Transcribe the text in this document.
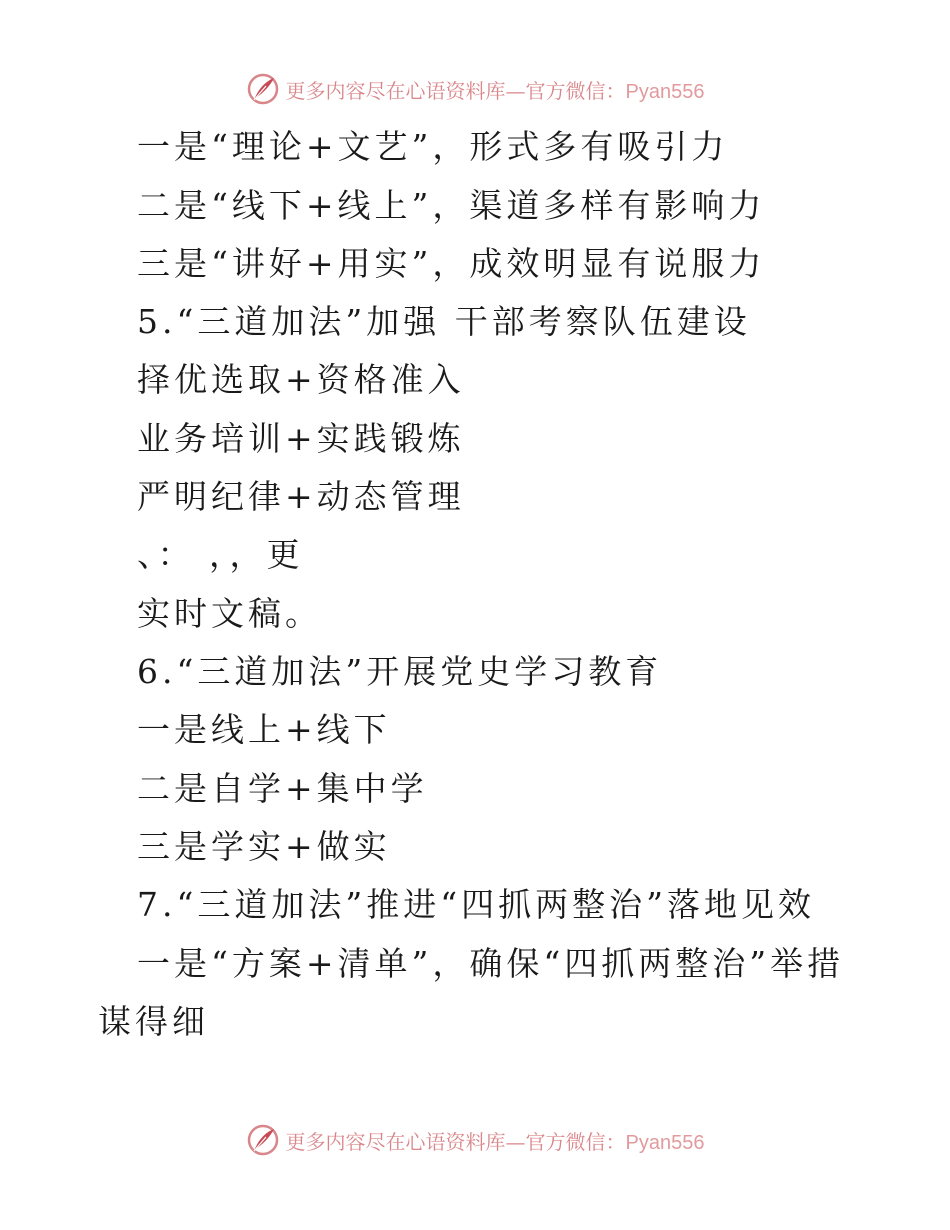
更多内容尽在心语资料库—官方微信：Pyan556
一是“理论+文艺”，形式多有吸引力
二是“线下+线上”，渠道多样有影响力
三是“讲好+用实”，成效明显有说服力
5.“三道加法”加强 干部考察队伍建设
择优选取+资格准入
业务培训+实践锻炼
严明纪律+动态管理
、： ，，更
实时文稿。
6.“三道加法”开展党史学习教育
一是线上+线下
二是自学+集中学
三是学实+做实
7.“三道加法”推进“四抓两整治”落地见效
一是“方案+清单”，确保“四抓两整治”举措
谋得细
更多内容尽在心语资料库—官方微信：Pyan556
